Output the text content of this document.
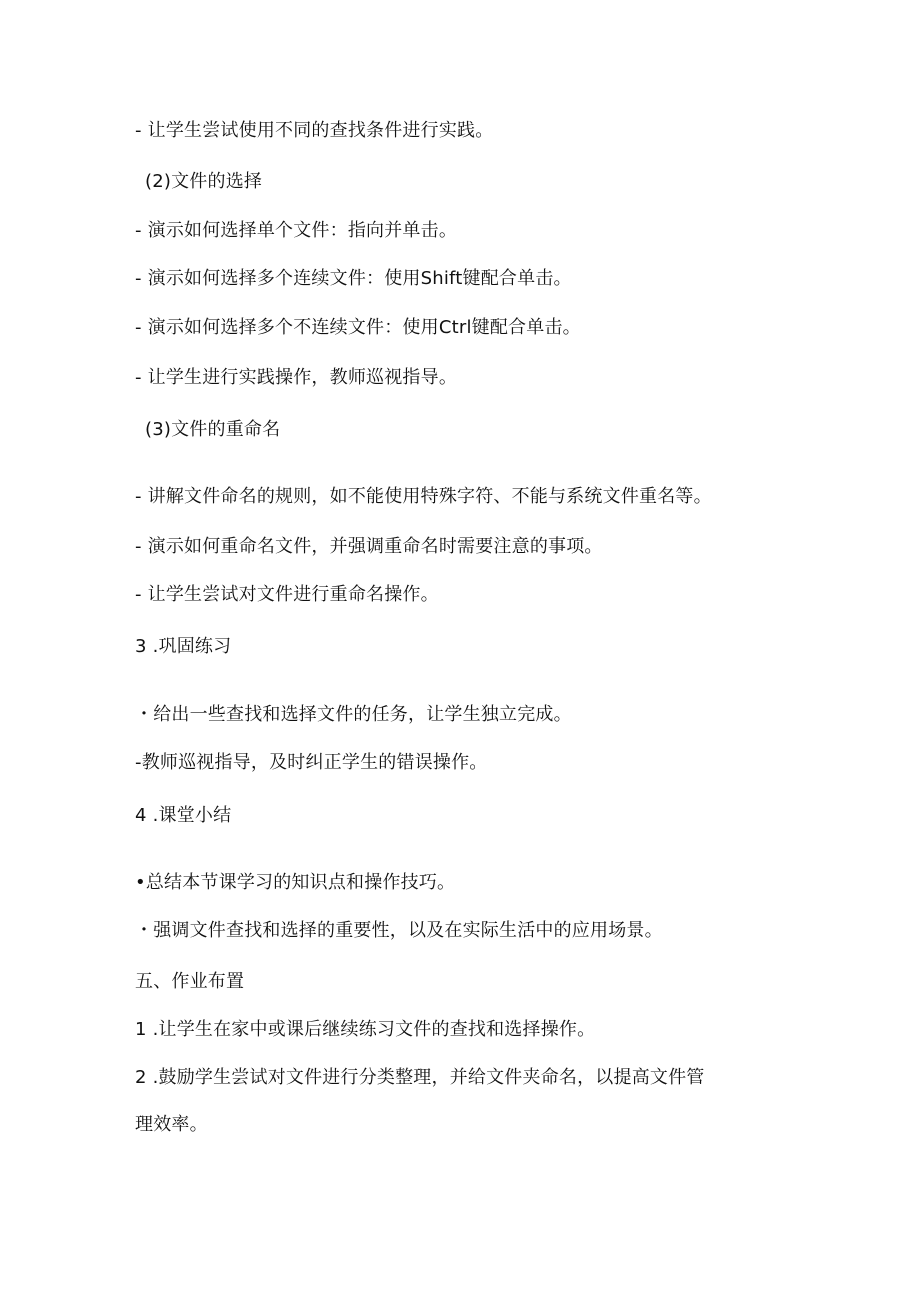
- 让学生尝试使用不同的查找条件进行实践。
(2)文件的选择
- 演示如何选择单个文件：指向并单击。
- 演示如何选择多个连续文件：使用Shift键配合单击。
- 演示如何选择多个不连续文件：使用Ctrl键配合单击。
- 让学生进行实践操作，教师巡视指导。
(3)文件的重命名
- 讲解文件命名的规则，如不能使用特殊字符、不能与系统文件重名等。
- 演示如何重命名文件，并强调重命名时需要注意的事项。
- 让学生尝试对文件进行重命名操作。
3 .巩固练习
・给出一些查找和选择文件的任务，让学生独立完成。
-教师巡视指导，及时纠正学生的错误操作。
4 .课堂小结
•总结本节课学习的知识点和操作技巧。
・强调文件查找和选择的重要性，以及在实际生活中的应用场景。
五、作业布置
1 .让学生在家中或课后继续练习文件的查找和选择操作。
2 .鼓励学生尝试对文件进行分类整理，并给文件夹命名，以提高文件管
理效率。
